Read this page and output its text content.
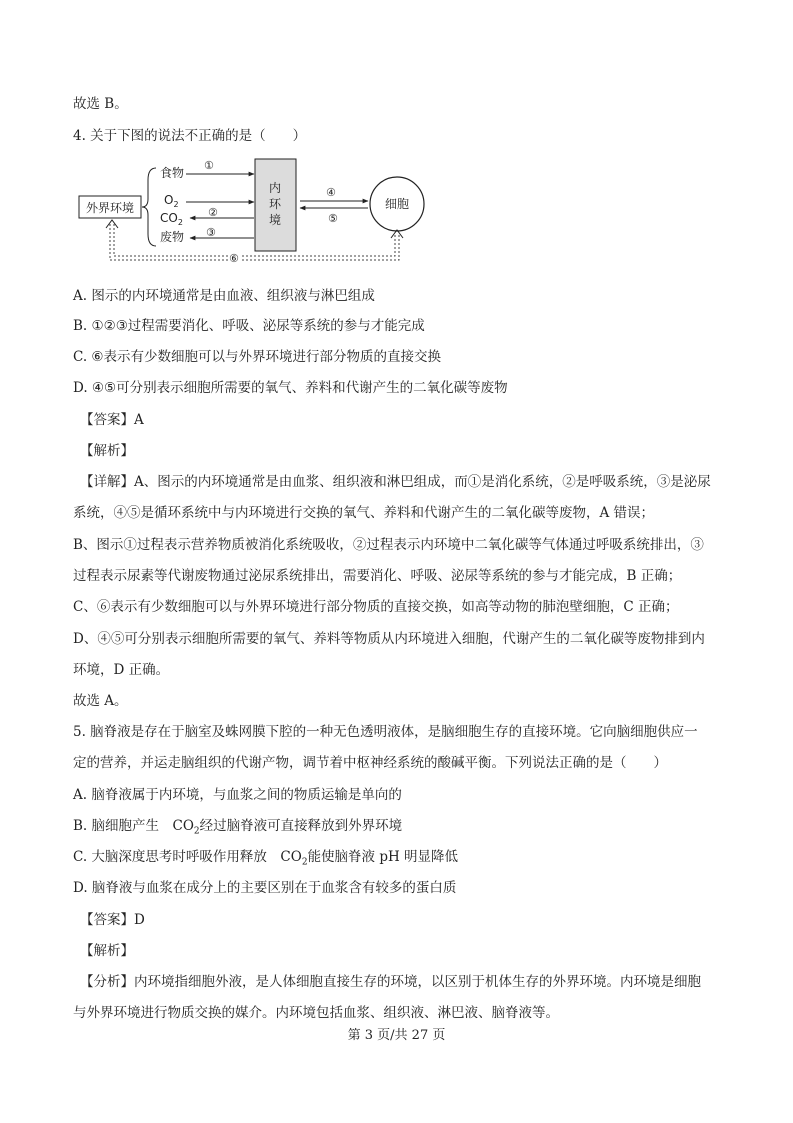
故选 B。
4. 关于下图的说法不正确的是（　　）
外界环境
食物
$O_2$
$CO_2$
废物
①
②
③
内
环
境
④
⑤
细胞
⑥
A. 图示的内环境通常是由血液、组织液与淋巴组成
B. ①②③过程需要消化、呼吸、泌尿等系统的参与才能完成
C. ⑥表示有少数细胞可以与外界环境进行部分物质的直接交换
D. ④⑤可分别表示细胞所需要的氧气、养料和代谢产生的二氧化碳等废物
【答案】A
【解析】
【详解】A、图示的内环境通常是由血浆、组织液和淋巴组成，而①是消化系统，②是呼吸系统，③是泌尿
系统，④⑤是循环系统中与内环境进行交换的氧气、养料和代谢产生的二氧化碳等废物，A 错误；
B、图示①过程表示营养物质被消化系统吸收，②过程表示内环境中二氧化碳等气体通过呼吸系统排出，③
过程表示尿素等代谢废物通过泌尿系统排出，需要消化、呼吸、泌尿等系统的参与才能完成，B 正确；
C、⑥表示有少数细胞可以与外界环境进行部分物质的直接交换，如高等动物的肺泡壁细胞，C 正确；
D、④⑤可分别表示细胞所需要的氧气、养料等物质从内环境进入细胞，代谢产生的二氧化碳等废物排到内
环境，D 正确。
故选 A。
5. 脑脊液是存在于脑室及蛛网膜下腔的一种无色透明液体，是脑细胞生存的直接环境。它向脑细胞供应一
定的营养，并运走脑组织的代谢产物，调节着中枢神经系统的酸碱平衡。下列说法正确的是（　　）
A. 脑脊液属于内环境，与血浆之间的物质运输是单向的
B. 脑细胞产生　$CO_2$经过脑脊液可直接释放到外界环境
C. 大脑深度思考时呼吸作用释放　$CO_2$能使脑脊液 pH 明显降低
D. 脑脊液与血浆在成分上的主要区别在于血浆含有较多的蛋白质
【答案】D
【解析】
【分析】内环境指细胞外液，是人体细胞直接生存的环境，以区别于机体生存的外界环境。内环境是细胞
与外界环境进行物质交换的媒介。内环境包括血浆、组织液、淋巴液、脑脊液等。
第 3 页/共 27 页
